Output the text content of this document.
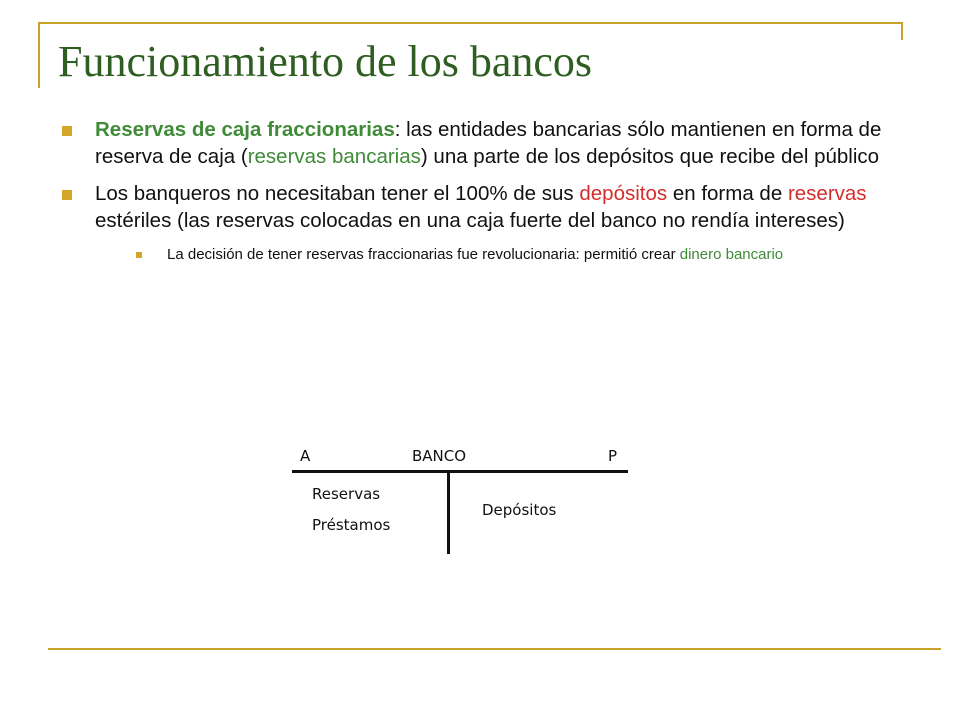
Funcionamiento de los bancos
Reservas de caja fraccionarias: las entidades bancarias sólo mantienen en forma de reserva de caja (reservas bancarias) una parte de los depósitos que recibe del público
Los banqueros no necesitaban tener el 100% de sus depósitos en forma de reservas estériles (las reservas colocadas en una caja fuerte del banco no rendía intereses)
La decisión de tener reservas fraccionarias fue revolucionaria: permitió crear dinero bancario
A	BANCO	P
Reservas
Préstamos
Depósitos
